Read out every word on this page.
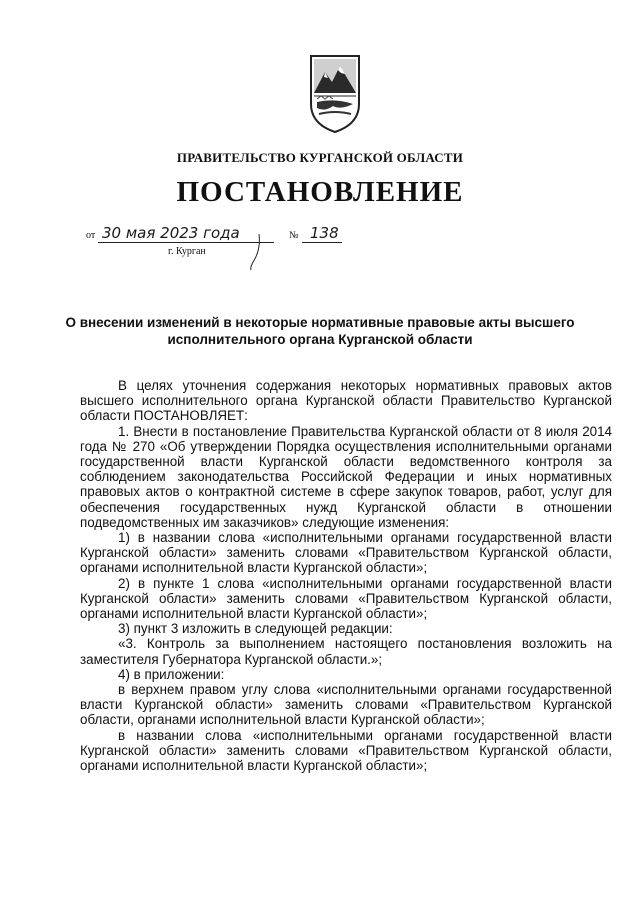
ПРАВИТЕЛЬСТВО КУРГАНСКОЙ ОБЛАСТИ
ПОСТАНОВЛЕНИЕ
от 30 мая 2023 года	№ 138
г. Курган
О внесении изменений в некоторые нормативные правовые акты высшего исполнительного органа Курганской области

В целях уточнения содержания некоторых нормативных правовых актов высшего исполнительного органа Курганской области Правительство Курганской области ПОСТАНОВЛЯЕТ:

1. Внести в постановление Правительства Курганской области от 8 июля 2014 года № 270 «Об утверждении Порядка осуществления исполнительными органами государственной власти Курганской области ведомственного контроля за соблюдением законодательства Российской Федерации и иных нормативных правовых актов о контрактной системе в сфере закупок товаров, работ, услуг для обеспечения государственных нужд Курганской области в отношении подведомственных им заказчиков» следующие изменения:

1) в названии слова «исполнительными органами государственной власти Курганской области» заменить словами «Правительством Курганской области, органами исполнительной власти Курганской области»;

2) в пункте 1 слова «исполнительными органами государственной власти Курганской области» заменить словами «Правительством Курганской области, органами исполнительной власти Курганской области»;

3) пункт 3 изложить в следующей редакции:

«3. Контроль за выполнением настоящего постановления возложить на заместителя Губернатора Курганской области.»;

4) в приложении:

в верхнем правом углу слова «исполнительными органами государственной власти Курганской области» заменить словами «Правительством Курганской области, органами исполнительной власти Курганской области»;

в названии слова «исполнительными органами государственной власти Курганской области» заменить словами «Правительством Курганской области, органами исполнительной власти Курганской области»;
